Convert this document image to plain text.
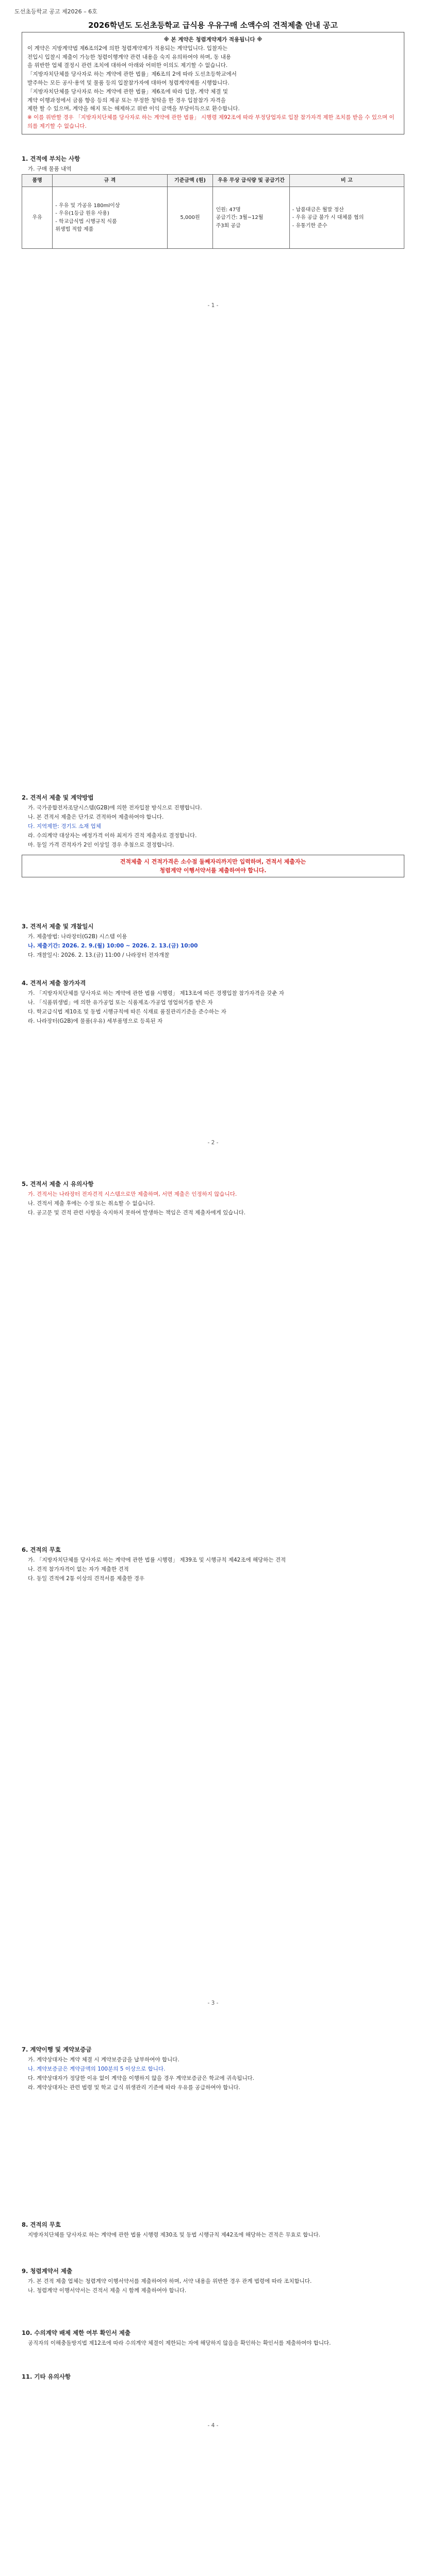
도선초등학교 공고 제2026 – 6호
2026학년도 도선초등학교 급식용 우유구매 소액수의 견적제출 안내 공고
※ 본 계약은 청렴계약제가 적용됩니다 ※
이 계약은 지방계약법 제6조의2에 의한 청렴계약제가 적용되는 계약입니다. 입찰자는
전입시 입찰시 제출이 가능한 청렴이행계약 관련 내용을 숙지 유의하여야 하며, 동 내용
을 위반한 업체 결정시 관련 조치에 대하여 아래와 어떠한 이의도 제기할 수 없습니다.
「지방자치단체를 당사자로 하는 계약에 관한 법률」제6조의 2에 따라 도선초등학교에서
발주하는 모든 공사·용역 및 물품 등의 입찰참가자에 대하여 청렴계약제를 시행합니다.
「지방자치단체를 당사자로 하는 계약에 관한 법률」제6조에 따라 입찰, 계약 체결 및
계약 이행과정에서 금품 향응 등의 제공 또는 부정한 청탁을 한 경우 입찰참가 자격을
제한 할 수 있으며, 계약을 해지 또는 해제하고 위반 이익 금액을 부당이득으로 환수합니다.
※ 이를 위반할 경우 「지방자치단체를 당사자로 하는 계약에 관한 법률」 시행령 제92조에 따라 부정당업자로 입찰 참가자격 제한 조치를 받을 수 있으며 이의를 제기할 수 없습니다.
1. 견적에 부치는 사항
가. 구매 물품 내역
품명	규 격	기준금액 (원)	우유 무상 급식량 및 공급기간	비 고
우유	- 우유 및 가공유 180ml이상
- 우유(1등급 원유 사용)
- 학교급식법 시행규칙 식품
위생법 적합 제품	5,000원	인원: 47명
공급기간: 3월~12월
주3회 공급	- 납품대금은 월말 정산
- 우유 공급 불가 시 대체품 협의
- 유통기한 준수
- 1 -
2. 견적서 제출 및 계약방법
가. 국가종합전자조달시스템(G2B)에 의한 전자입찰 방식으로 진행합니다.
나. 본 견적서 제출은 단가로 견적하여 제출하여야 합니다.
다. 지역제한: 경기도 소재 업체
라. 수의계약 대상자는 예정가격 이하 최저가 견적 제출자로 결정합니다.
마. 동일 가격 견적자가 2인 이상일 경우 추첨으로 결정합니다.
견적제출 시 견적가격은 소수점 둘째자리까지만 입력하며, 견적서 제출자는
청렴계약 이행서약서를 제출하여야 합니다.
3. 견적서 제출 및 개찰일시
가. 제출방법: 나라장터(G2B) 시스템 이용
나. 제출기간: 2026. 2. 9.(월) 10:00 ~ 2026. 2. 13.(금) 10:00
다. 개찰일시: 2026. 2. 13.(금) 11:00 / 나라장터 전자개찰
4. 견적서 제출 참가자격
가. 「지방자치단체를 당사자로 하는 계약에 관한 법률 시행령」 제13조에 따른 경쟁입찰 참가자격을 갖춘 자
나. 「식품위생법」에 의한 유가공업 또는 식품제조·가공업 영업허가를 받은 자
다. 학교급식법 제10조 및 동법 시행규칙에 따른 식재료 품질관리기준을 준수하는 자
라. 나라장터(G2B)에 물품(우유) 세부품명으로 등록된 자
- 2 -
5. 견적서 제출 시 유의사항
가. 견적서는 나라장터 전자견적 시스템으로만 제출하며, 서면 제출은 인정하지 않습니다.
나. 견적서 제출 후에는 수정 또는 취소할 수 없습니다.
다. 공고문 및 견적 관련 사항을 숙지하지 못하여 발생하는 책임은 견적 제출자에게 있습니다.
6. 견적의 무효
가. 「지방자치단체를 당사자로 하는 계약에 관한 법률 시행령」 제39조 및 시행규칙 제42조에 해당하는 견적
나. 견적 참가자격이 없는 자가 제출한 견적
다. 동일 견적에 2통 이상의 견적서를 제출한 경우
- 3 -
7. 계약이행 및 계약보증금
가. 계약상대자는 계약 체결 시 계약보증금을 납부하여야 합니다.
나. 계약보증금은 계약금액의 100분의 5 이상으로 합니다.
다. 계약상대자가 정당한 이유 없이 계약을 이행하지 않을 경우 계약보증금은 학교에 귀속됩니다.
라. 계약상대자는 관련 법령 및 학교 급식 위생관리 기준에 따라 우유를 공급하여야 합니다.
8. 견적의 무효
지방자치단체를 당사자로 하는 계약에 관한 법률 시행령 제30조 및 동법 시행규칙 제42조에 해당하는 견적은 무효로 합니다.
9. 청렴계약서 제출
가. 본 견적 제출 업체는 청렴계약 이행서약서를 제출하여야 하며, 서약 내용을 위반한 경우 관계 법령에 따라 조치합니다.
나. 청렴계약 이행서약서는 견적서 제출 시 함께 제출하여야 합니다.
10. 수의계약 배제 제한 여부 확인서 제출
공직자의 이해충돌방지법 제12조에 따라 수의계약 체결이 제한되는 자에 해당하지 않음을 확인하는 확인서를 제출하여야 합니다.
11. 기타 유의사항
- 4 -
